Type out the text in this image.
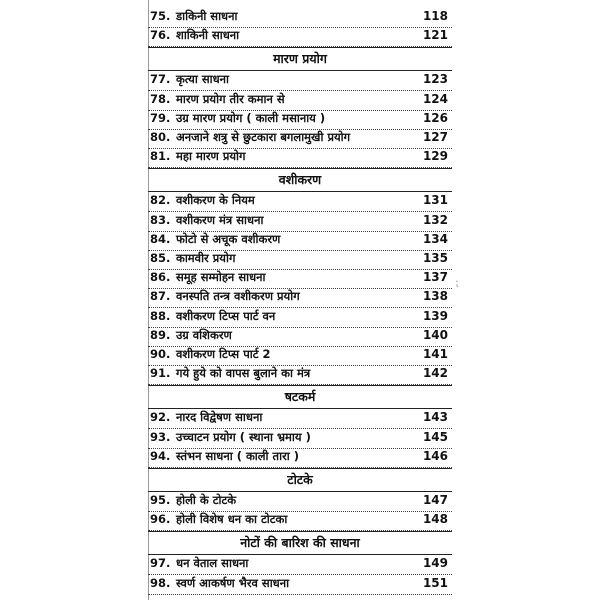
75. डाकिनी साधना	118
76. शाकिनी साधना	121
मारण प्रयोग
77. कृत्या साधना	123
78. मारण प्रयोग तीर कमान से	124
79. उग्र मारण प्रयोग ( काली मसानाय )	126
80. अनजाने शत्रु से छुटकारा बगलामुखी प्रयोग	127
81. महा मारण प्रयोग	129
वशीकरण
82. वशीकरण के नियम	131
83. वशीकरण मंत्र साधना	132
84. फोटो से अचूक वशीकरण	134
85. कामवीर प्रयोग	135
86. समूह सम्मोहन साधना	137
87. वनस्पति तन्त्र वशीकरण प्रयोग	138
88. वशीकरण टिप्स पार्ट वन	139
89. उग्र वशिकरण	140
90. वशीकरण टिप्स पार्ट 2	141
91. गये हुये को वापस बुलाने का मंत्र	142
षटकर्म
92. नारद विद्वेषण साधना	143
93. उच्चाटन प्रयोग ( स्थाना भ्रमाय )	145
94. स्तंभन साधना ( काली तारा )	146
टोटके
95. होली के टोटके	147
96. होली विशेष धन का टोटका	148
नोटों की बारिश की साधना
97. धन वेताल साधना	149
98. स्वर्ण आकर्षण भैरव साधना	151
⁏
